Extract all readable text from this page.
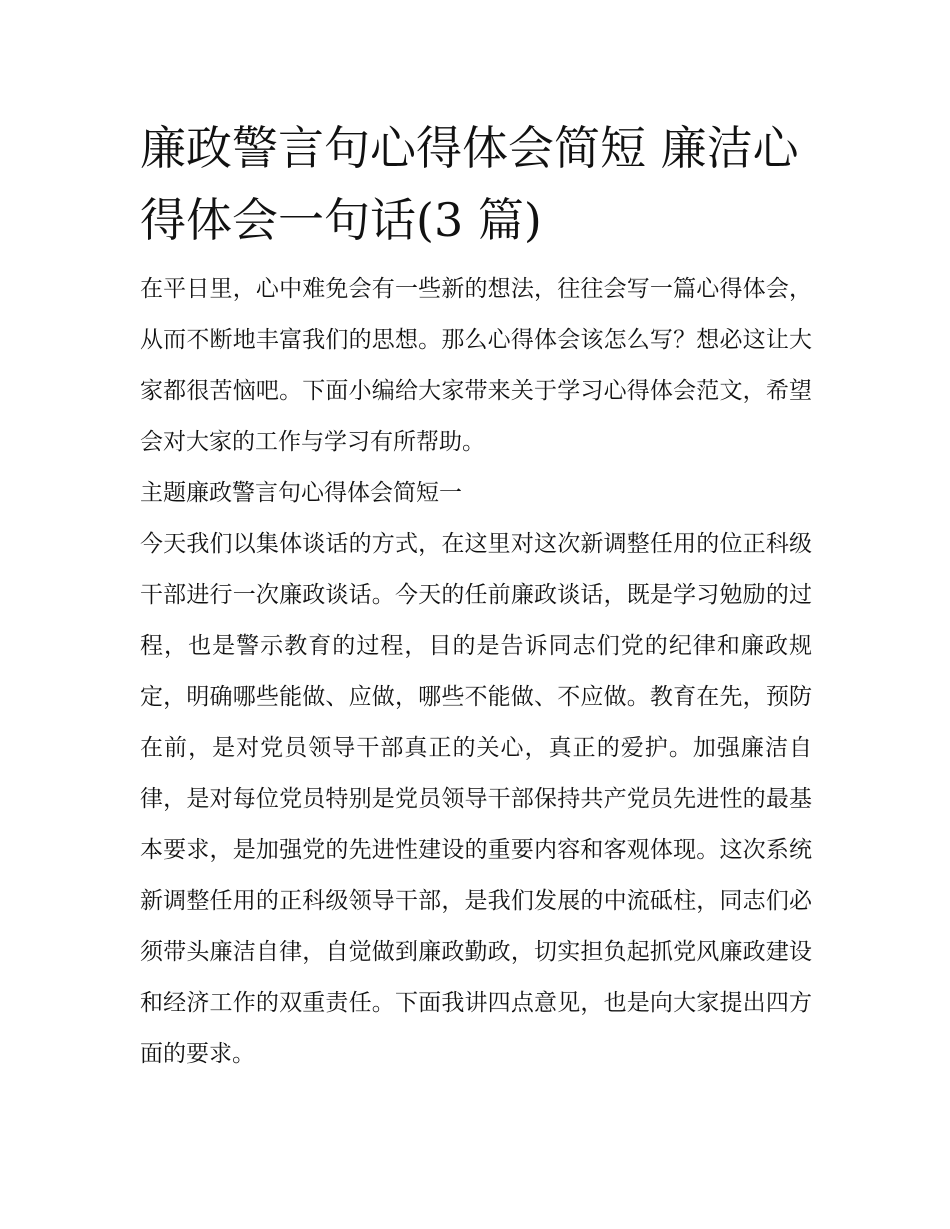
廉政警言句心得体会简短 廉洁心得体会一句话(3 篇)

在平日里，心中难免会有一些新的想法，往往会写一篇心得体会，从而不断地丰富我们的思想。那么心得体会该怎么写？想必这让大家都很苦恼吧。下面小编给大家带来关于学习心得体会范文，希望会对大家的工作与学习有所帮助。

主题廉政警言句心得体会简短一

今天我们以集体谈话的方式，在这里对这次新调整任用的位正科级干部进行一次廉政谈话。今天的任前廉政谈话，既是学习勉励的过程，也是警示教育的过程，目的是告诉同志们党的纪律和廉政规定，明确哪些能做、应做，哪些不能做、不应做。教育在先，预防在前，是对党员领导干部真正的关心，真正的爱护。加强廉洁自律，是对每位党员特别是党员领导干部保持共产党员先进性的最基本要求，是加强党的先进性建设的重要内容和客观体现。这次系统新调整任用的正科级领导干部，是我们发展的中流砥柱，同志们必须带头廉洁自律，自觉做到廉政勤政，切实担负起抓党风廉政建设和经济工作的双重责任。下面我讲四点意见，也是向大家提出四方面的要求。
